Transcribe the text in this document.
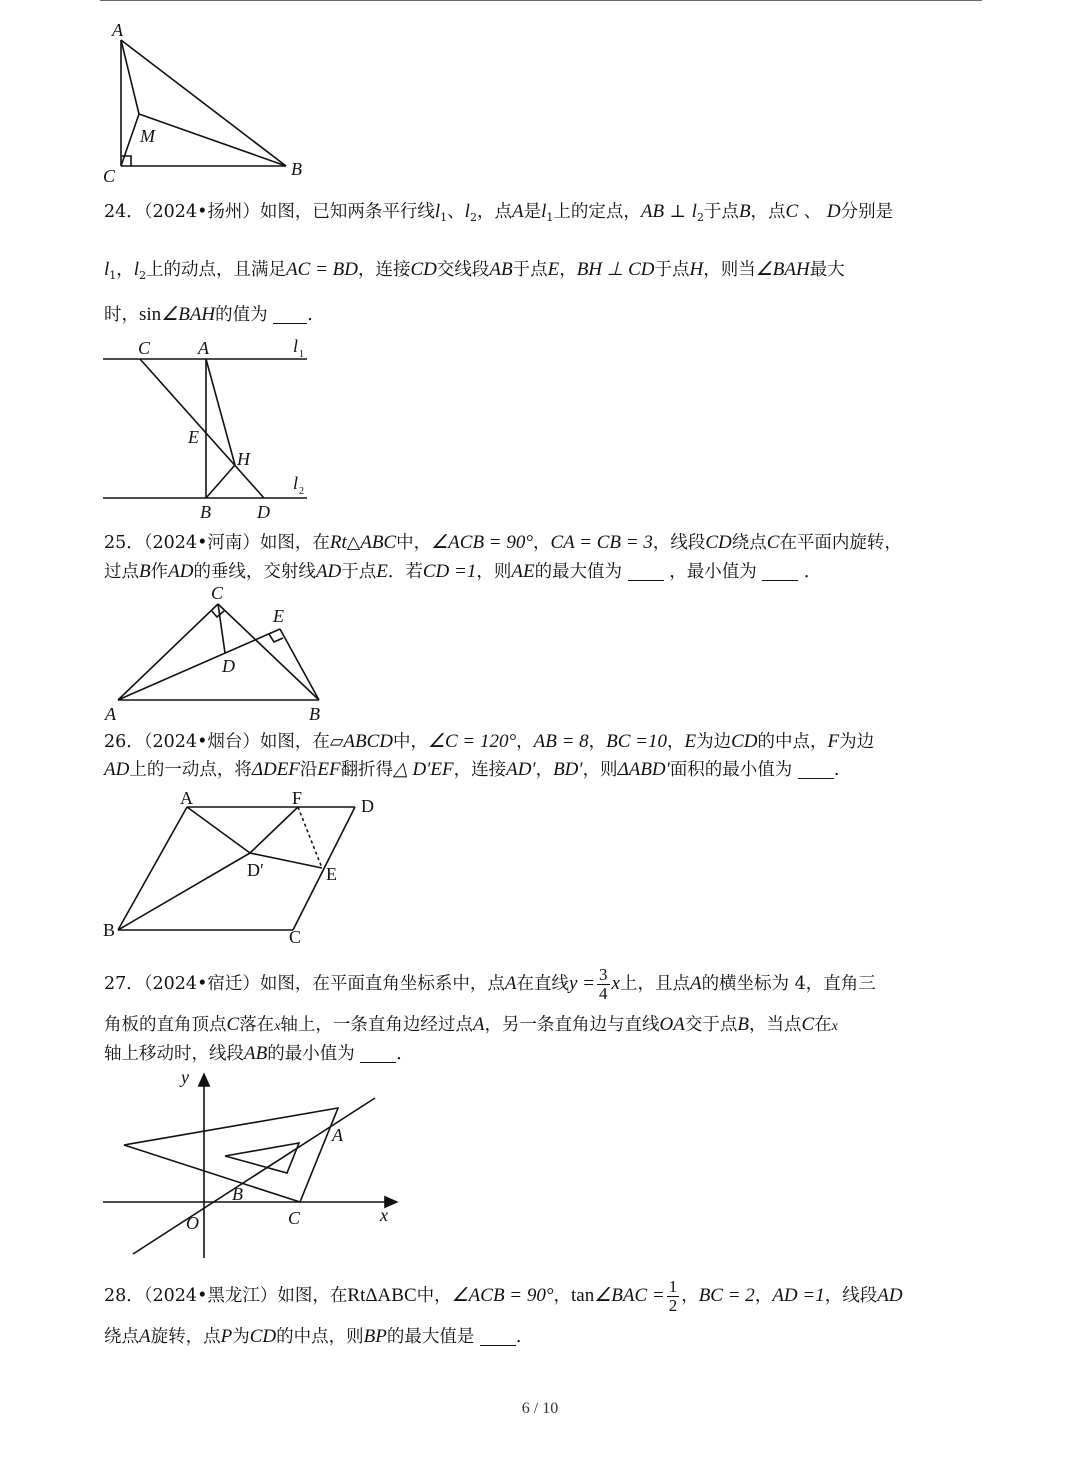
A
M
C	B
24．（2024•扬州）如图，已知两条平行线$l_1$、$l_2$，点A是$l_1$上的定点，AB ⊥ $l_2$于点B，点C 、 D分别是
$l_1$，$l_2$上的动点，且满足AC = BD，连接CD交线段AB于点E，BH ⊥ CD于点H，则当∠BAH最大
时，sin∠BAH的值为 .
C	A	l 1
E
H
l 2
B	D
25．（2024•河南）如图，在Rt△ABC中，∠ACB = 90°，CA = CB = 3，线段CD绕点C在平面内旋转，
过点B作AD的垂线，交射线AD于点E．若CD =1，则AE的最大值为	，最小值为	．
C
E
D
A	B
26．（2024•烟台）如图，在▱ABCD中，∠C = 120°，AB = 8，BC =10，E为边CD的中点，F为边
AD上的一动点，将ΔDEF沿EF翻折得△ D′EF，连接AD′，BD′，则ΔABD′面积的最小值为 .
A	F	D
D′	E
B	C
27．（2024•宿迁）如图，在平面直角坐标系中，点A在直线$y = \frac{3}{4}$ x上，且点A的横坐标为 4，直角三
角板的直角顶点C落在x轴上，一条直角边经过点A，另一条直角边与直线OA交于点B，当点C在x
轴上移动时，线段AB的最小值为 ．
y
A
B
O	C	x
28．（2024•黑龙江）如图，在RtΔABC中，∠ACB = 90°，tan∠BAC = $\frac{1}{2}$ ，BC = 2，AD =1，线段AD
绕点A旋转，点P为CD的中点，则BP的最大值是 .
6 / 10
